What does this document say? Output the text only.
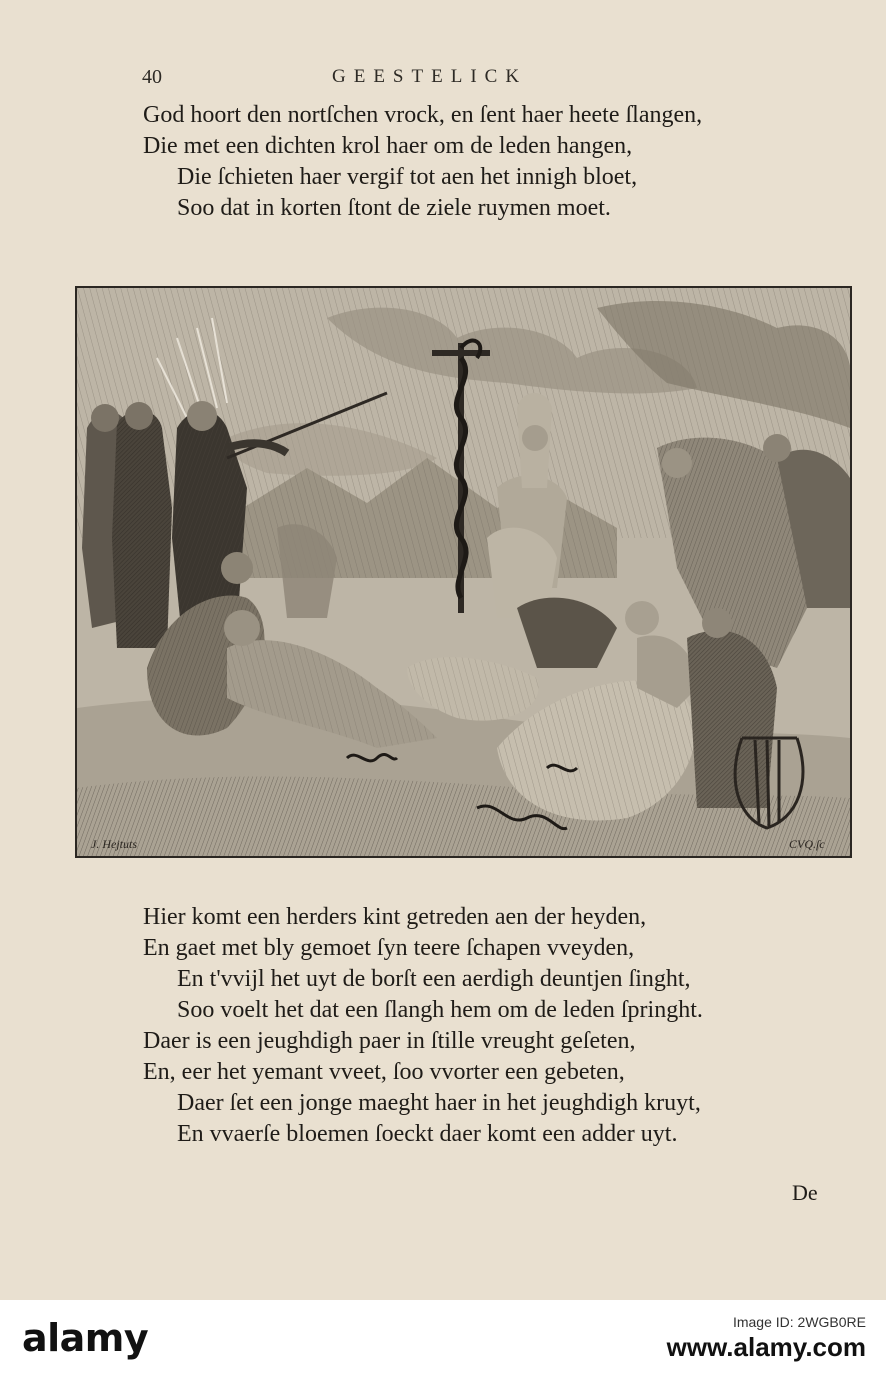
40	GEESTELICK
God hoort den nortſchen vrock, en ſent haer heete ſlangen,
Die met een dichten krol haer om de leden hangen,
Die ſchieten haer vergif tot aen het innigh bloet,
Soo dat in korten ſtont de ziele ruymen moet.
J. Hejtuts	CVQ.ſc
Hier komt een herders kint getreden aen der heyden,
En gaet met bly gemoet ſyn teere ſchapen vveyden,
En t'vvijl het uyt de borſt een aerdigh deuntjen ſinght,
Soo voelt het dat een ſlangh hem om de leden ſpringht.
Daer is een jeughdigh paer in ſtille vreught geſeten,
En, eer het yemant vveet, ſoo vvorter een gebeten,
Daer ſet een jonge maeght haer in het jeughdigh kruyt,
En vvaerſe bloemen ſoeckt daer komt een adder uyt.
De
alamy	Image ID: 2WGB0RE
www.alamy.com
